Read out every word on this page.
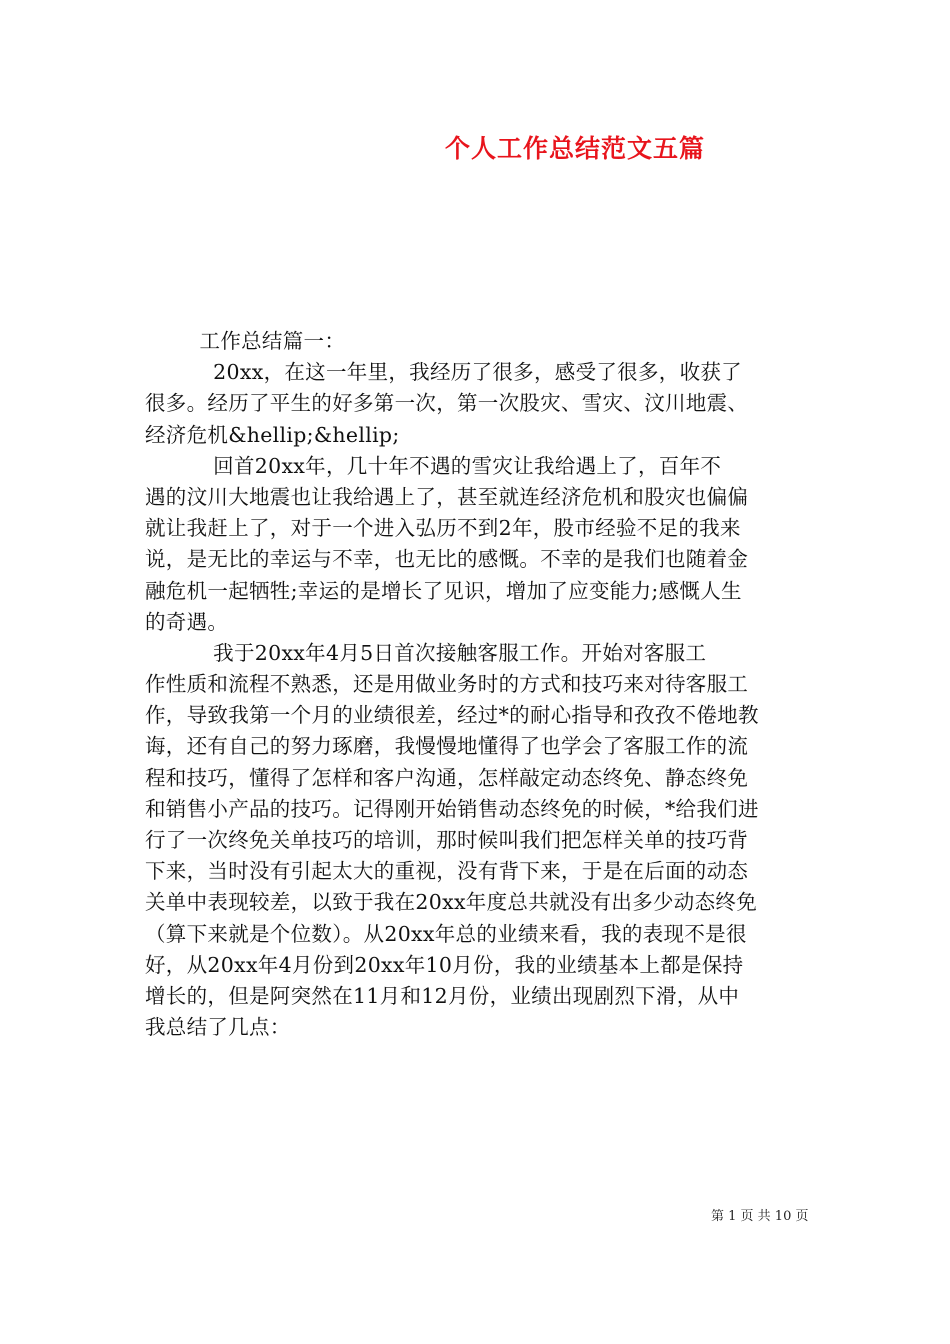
个人工作总结范文五篇
工作总结篇一：
20xx，在这一年里，我经历了很多，感受了很多，收获了
很多。经历了平生的好多第一次，第一次股灾、雪灾、汶川地震、
经济危机&hellip;&hellip;
回首20xx年，几十年不遇的雪灾让我给遇上了，百年不
遇的汶川大地震也让我给遇上了，甚至就连经济危机和股灾也偏偏
就让我赶上了，对于一个进入弘历不到2年，股市经验不足的我来
说，是无比的幸运与不幸，也无比的感慨。不幸的是我们也随着金
融危机一起牺牲;幸运的是增长了见识，增加了应变能力;感慨人生
的奇遇。
我于20xx年4月5日首次接触客服工作。开始对客服工
作性质和流程不熟悉，还是用做业务时的方式和技巧来对待客服工
作，导致我第一个月的业绩很差，经过*的耐心指导和孜孜不倦地教
诲，还有自己的努力琢磨，我慢慢地懂得了也学会了客服工作的流
程和技巧，懂得了怎样和客户沟通，怎样敲定动态终免、静态终免
和销售小产品的技巧。记得刚开始销售动态终免的时候，*给我们进
行了一次终免关单技巧的培训，那时候叫我们把怎样关单的技巧背
下来，当时没有引起太大的重视，没有背下来，于是在后面的动态
关单中表现较差，以致于我在20xx年度总共就没有出多少动态终免
（算下来就是个位数）。从20xx年总的业绩来看，我的表现不是很
好，从20xx年4月份到20xx年10月份，我的业绩基本上都是保持
增长的，但是阿突然在11月和12月份，业绩出现剧烈下滑，从中
我总结了几点：
第 1 页 共 10 页
